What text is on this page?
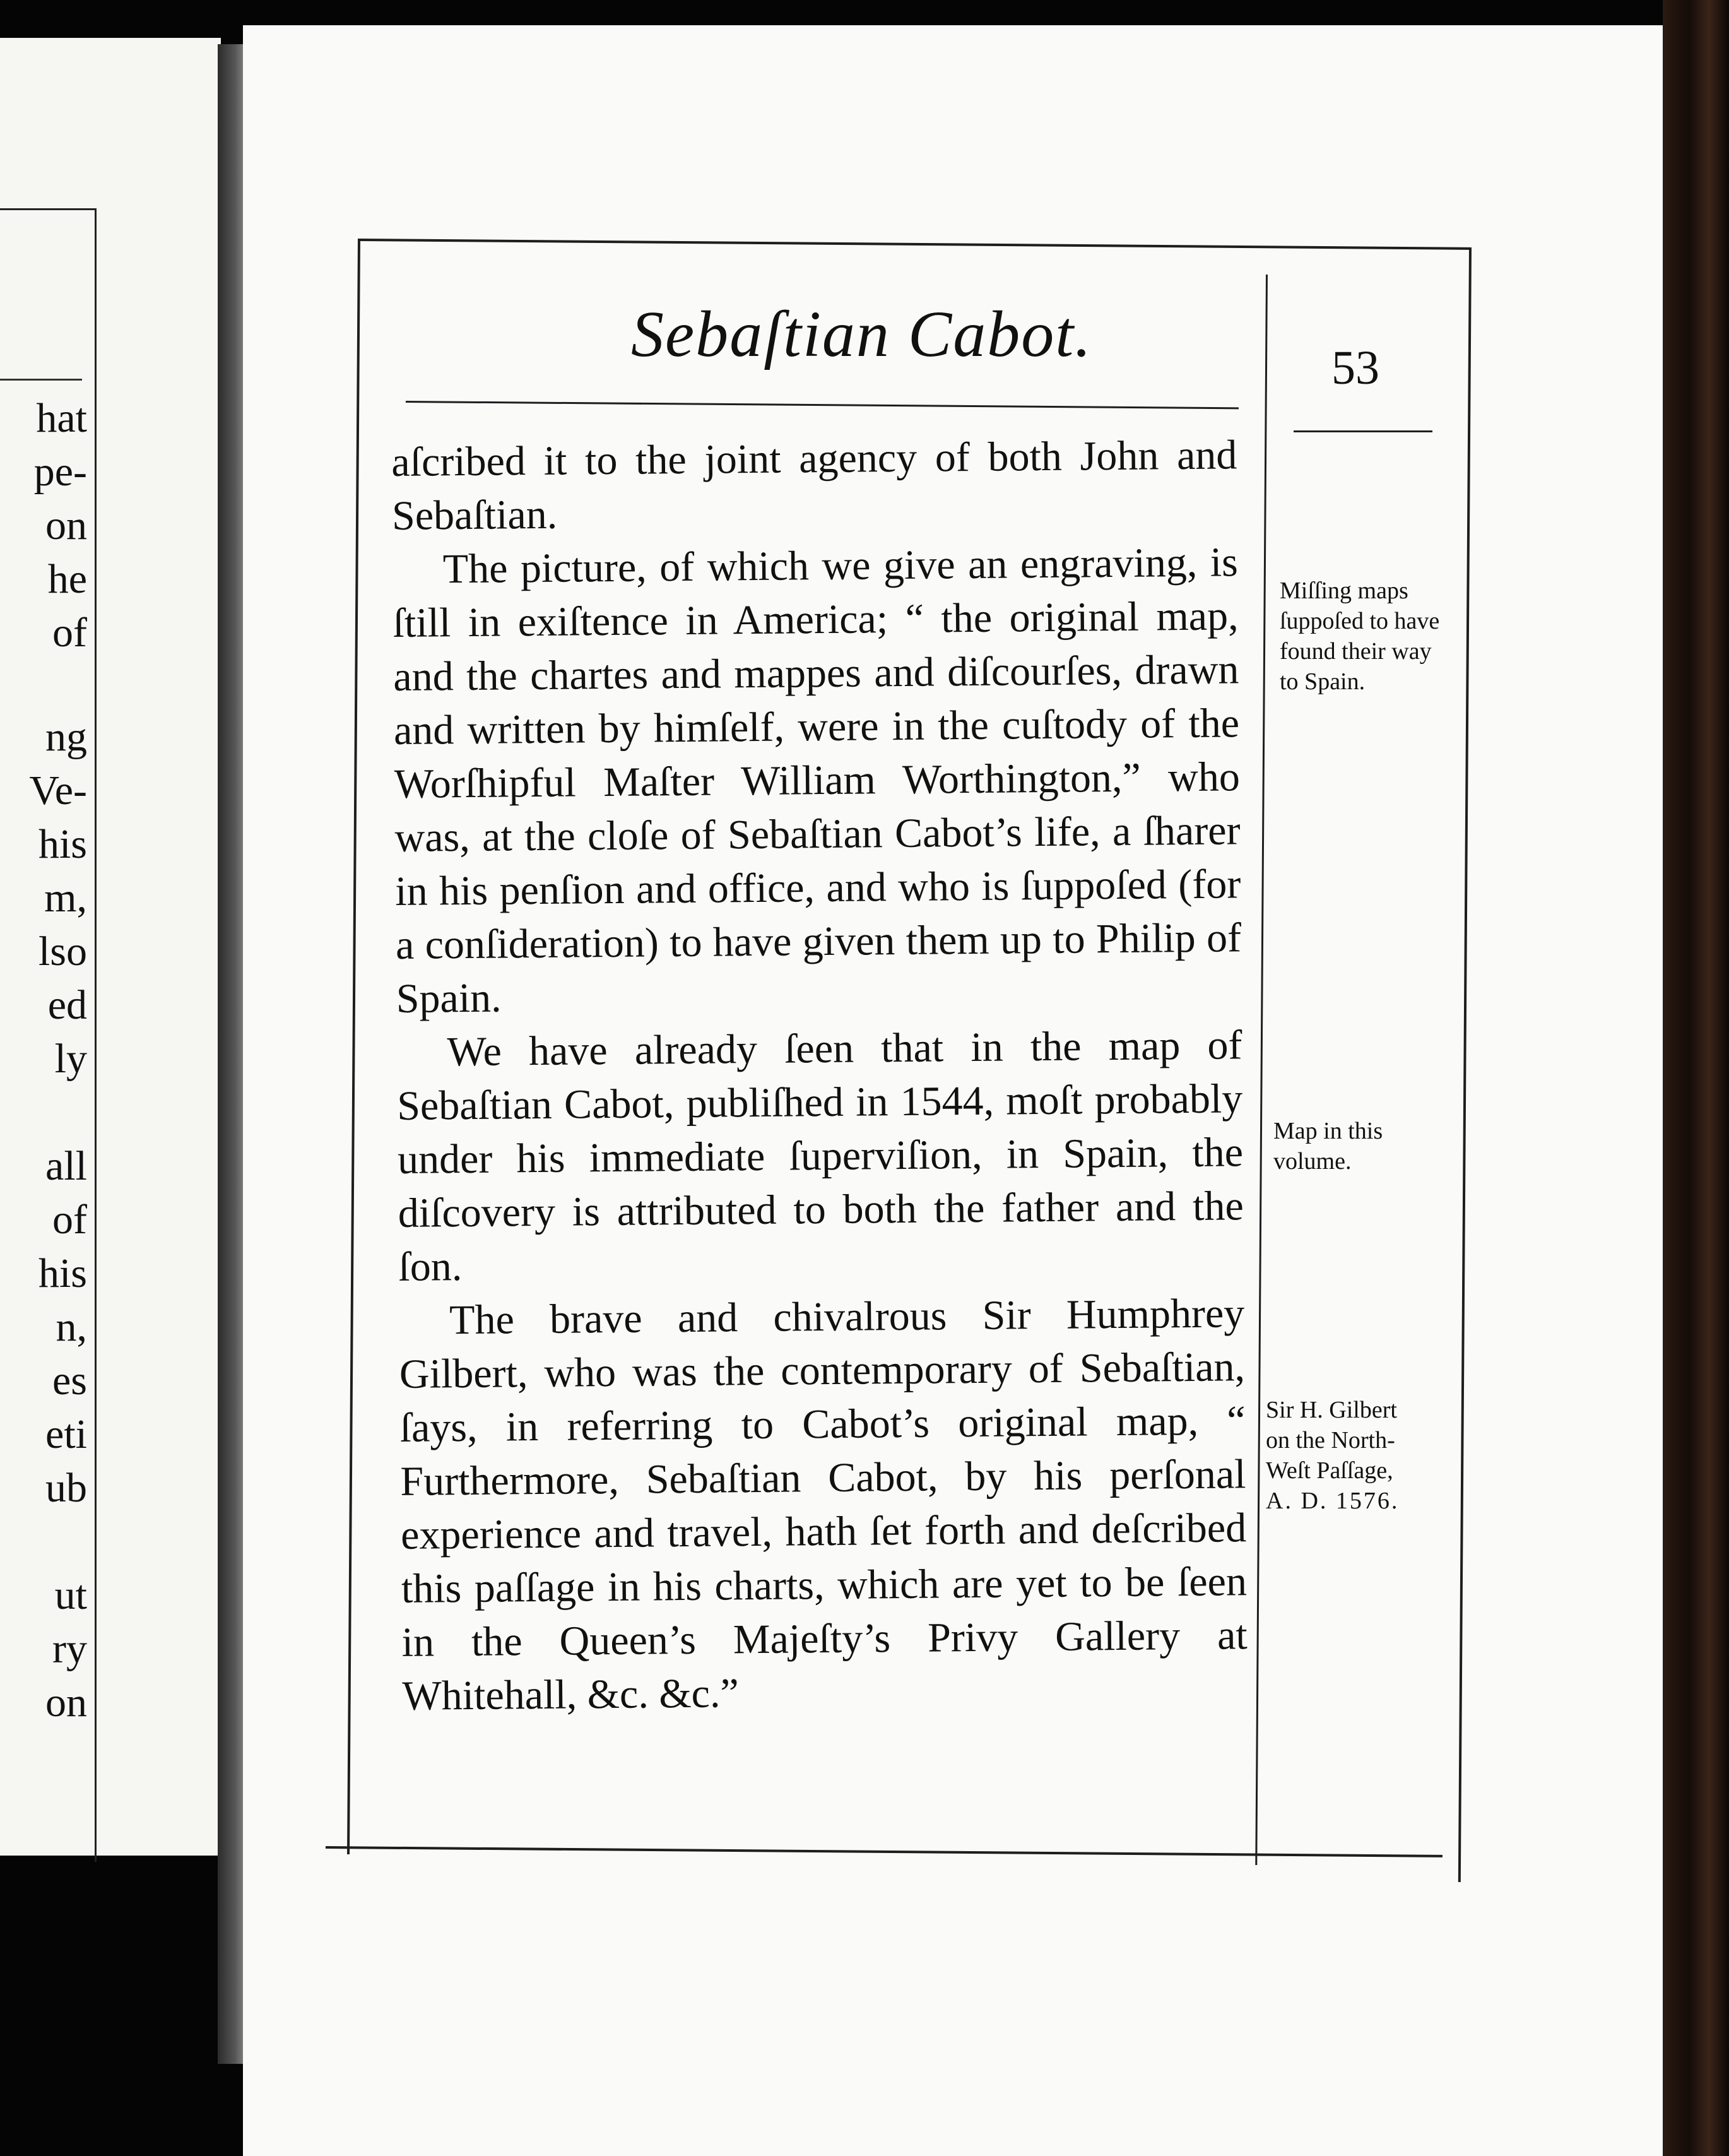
hat
pe-
on
he
of
ng
Ve-
his
m,
lso
ed
ly
all
of
his
n,
es
eti
ub
ut
ry
on
Sebaſtian Cabot.	53

aſcribed it to the joint agency of both John and Sebaſtian.

The picture, of which we give an engraving, is ſtill in exiſtence in America; “ the original map, and the chartes and mappes and diſcourſes, drawn and written by himſelf, were in the cuſtody of the Worſhipful Maſter William Worthington,” who was, at the cloſe of Sebaſtian Cabot’s life, a ſharer in his penſion and office, and who is ſuppoſed (for a conſideration) to have given them up to Philip of Spain.

We have already ſeen that in the map of Sebaſtian Cabot, publiſhed in 1544, moſt probably under his immediate ſuperviſion, in Spain, the diſcovery is attributed to both the father and the ſon.

The brave and chivalrous Sir Humphrey Gilbert, who was the contemporary of Sebaſtian, ſays, in referring to Cabot’s original map, “ Furthermore, Sebaſtian Cabot, by his perſonal experience and travel, hath ſet forth and deſcribed this paſſage in his charts, which are yet to be ſeen in the Queen’s Majeſty’s Privy Gallery at Whitehall, &c. &c.”

Miſſing maps ſuppoſed to have found their way to Spain.
Map in this volume.
Sir H. Gilbert on the North-Weſt Paſſage,
A. D. 1576.
